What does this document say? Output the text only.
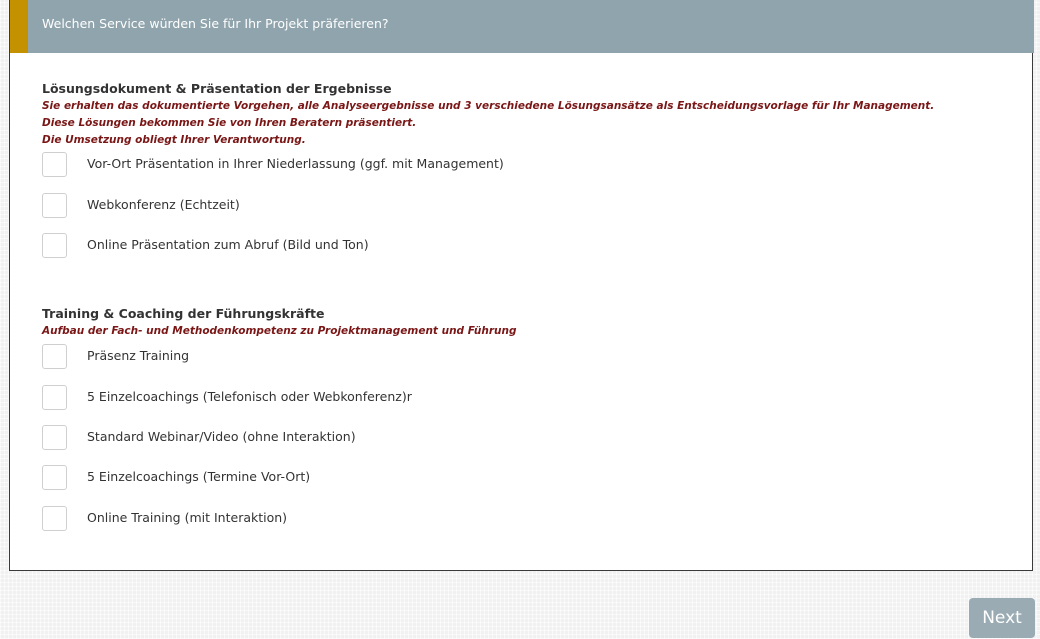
Welchen Service würden Sie für Ihr Projekt präferieren?
Lösungsdokument & Präsentation der Ergebnisse
Sie erhalten das dokumentierte Vorgehen, alle Analyseergebnisse und 3 verschiedene Lösungsansätze als Entscheidungsvorlage für Ihr Management.
Diese Lösungen bekommen Sie von Ihren Beratern präsentiert.
Die Umsetzung obliegt Ihrer Verantwortung.
Vor-Ort Präsentation in Ihrer Niederlassung (ggf. mit Management)
Webkonferenz (Echtzeit)
Online Präsentation zum Abruf (Bild und Ton)
Training & Coaching der Führungskräfte
Aufbau der Fach- und Methodenkompetenz zu Projektmanagement und Führung
Präsenz Training
5 Einzelcoachings (Telefonisch oder Webkonferenz)r
Standard Webinar/Video (ohne Interaktion)
5 Einzelcoachings (Termine Vor-Ort)
Online Training (mit Interaktion)
Next
